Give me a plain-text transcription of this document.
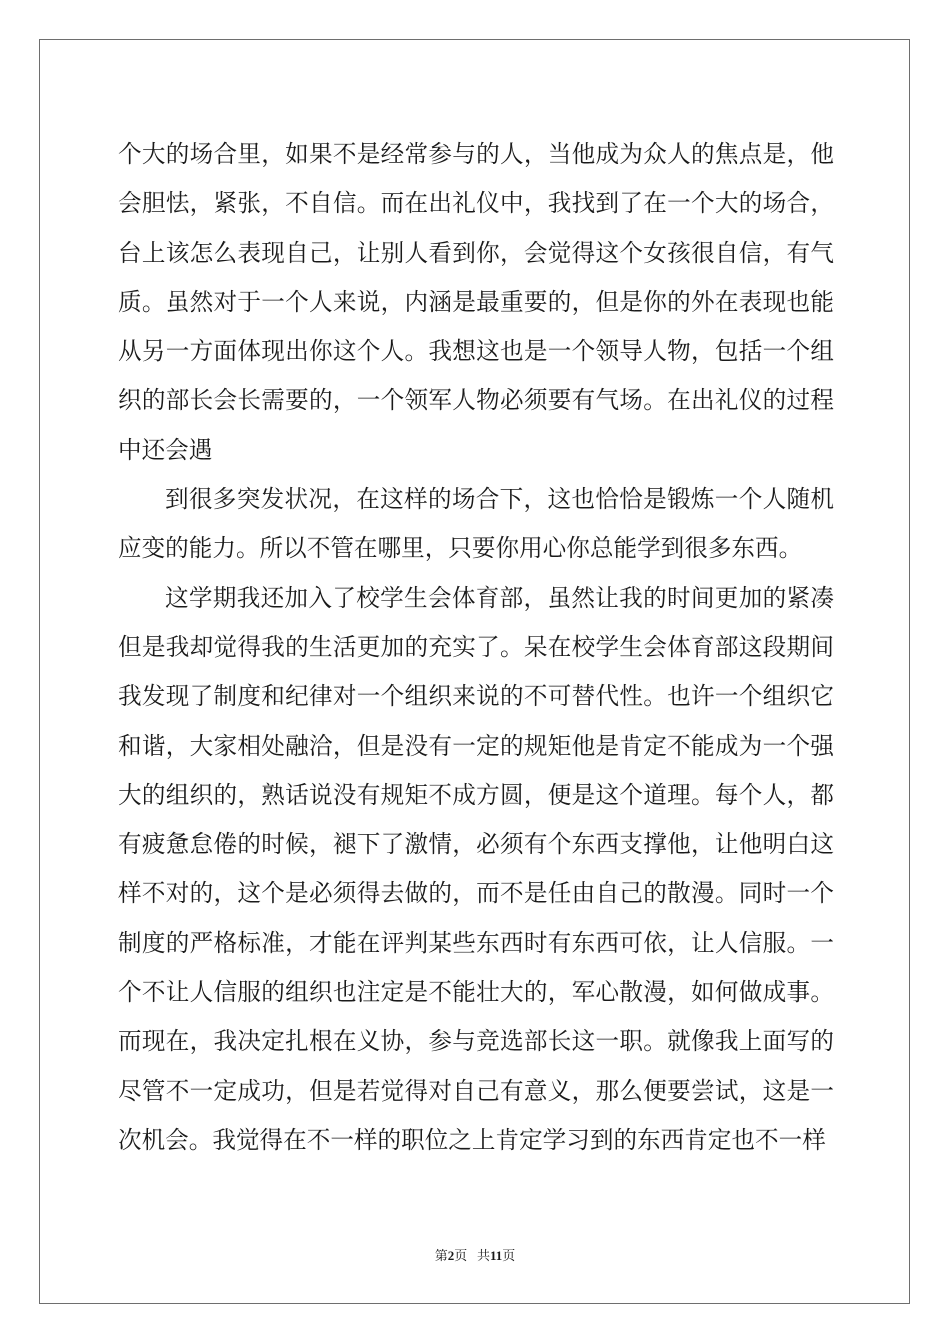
个大的场合里，如果不是经常参与的人，当他成为众人的焦点是，他
会胆怯，紧张，不自信。而在出礼仪中，我找到了在一个大的场合，
台上该怎么表现自己，让别人看到你，会觉得这个女孩很自信，有气
质。虽然对于一个人来说，内涵是最重要的，但是你的外在表现也能
从另一方面体现出你这个人。我想这也是一个领导人物，包括一个组
织的部长会长需要的，一个领军人物必须要有气场。在出礼仪的过程
中还会遇
到很多突发状况，在这样的场合下，这也恰恰是锻炼一个人随机
应变的能力。所以不管在哪里，只要你用心你总能学到很多东西。
这学期我还加入了校学生会体育部，虽然让我的时间更加的紧凑
但是我却觉得我的生活更加的充实了。呆在校学生会体育部这段期间
我发现了制度和纪律对一个组织来说的不可替代性。也许一个组织它
和谐，大家相处融洽，但是没有一定的规矩他是肯定不能成为一个强
大的组织的，熟话说没有规矩不成方圆，便是这个道理。每个人，都
有疲惫怠倦的时候，褪下了激情，必须有个东西支撑他，让他明白这
样不对的，这个是必须得去做的，而不是任由自己的散漫。同时一个
制度的严格标准，才能在评判某些东西时有东西可依，让人信服。一
个不让人信服的组织也注定是不能壮大的，军心散漫，如何做成事。
而现在，我决定扎根在义协，参与竞选部长这一职。就像我上面写的
尽管不一定成功，但是若觉得对自己有意义，那么便要尝试，这是一
次机会。我觉得在不一样的职位之上肯定学习到的东西肯定也不一样
第2页 共11页
